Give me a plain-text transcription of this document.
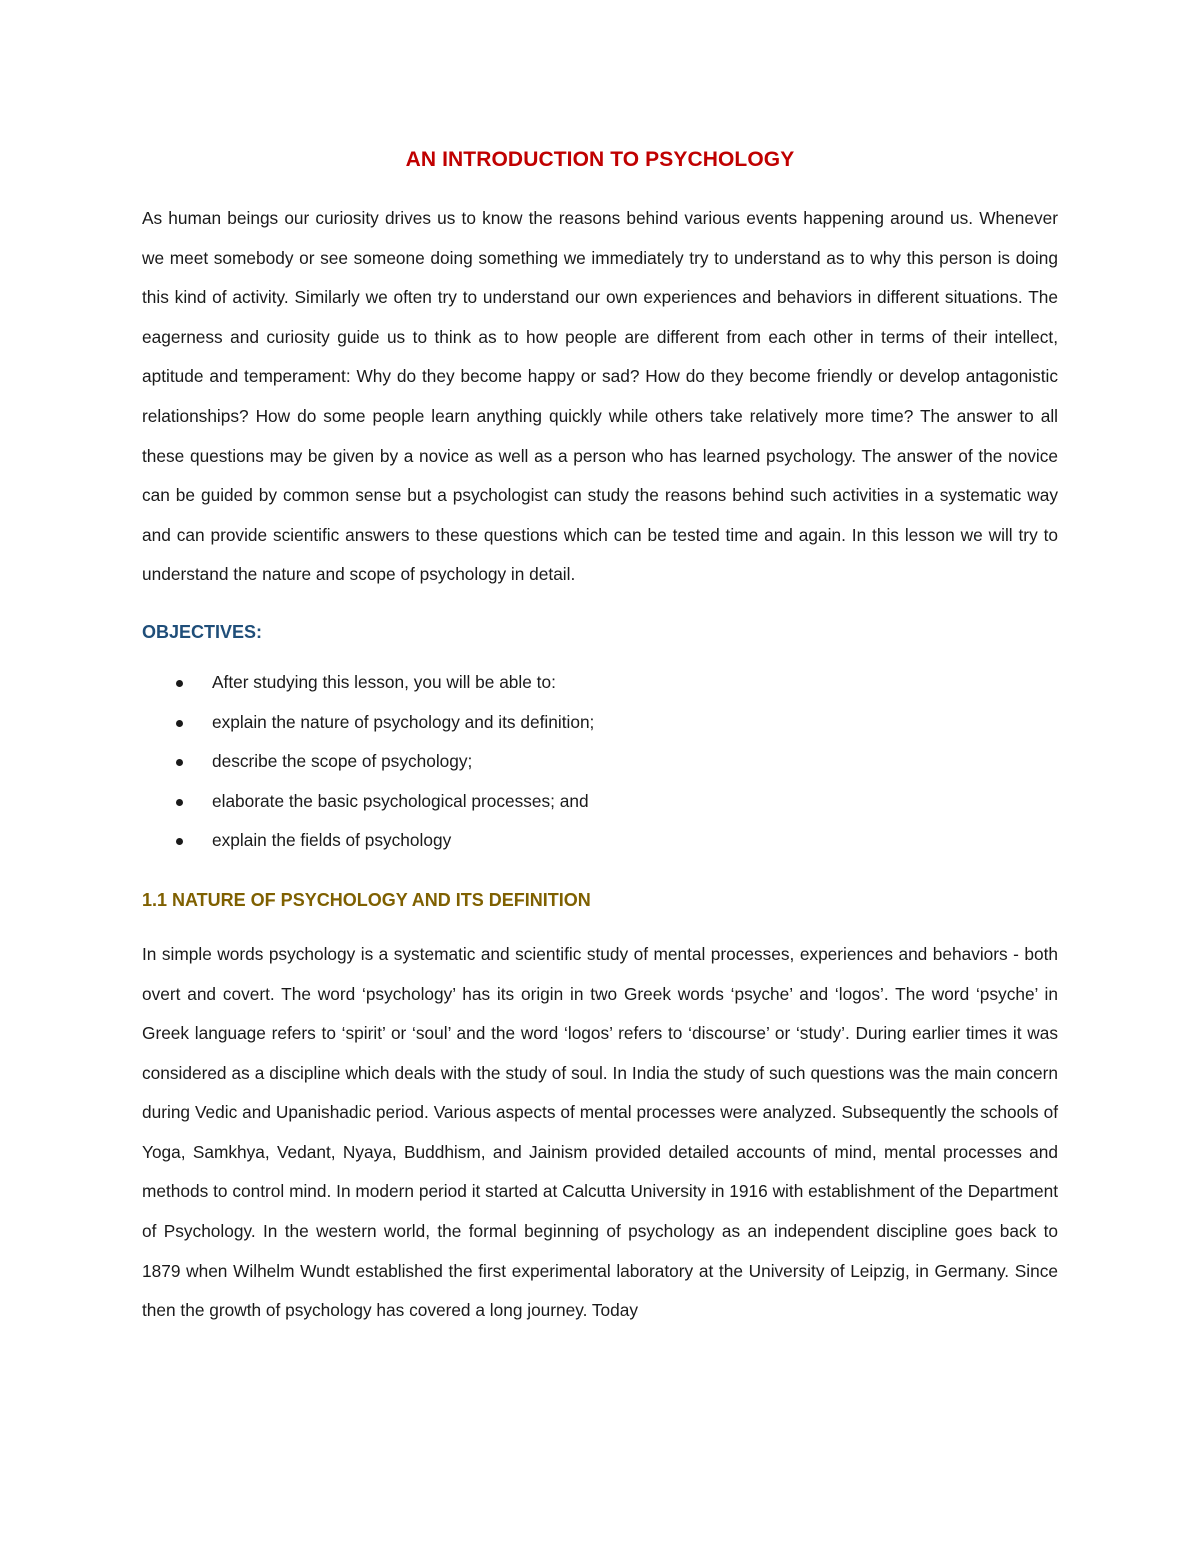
AN INTRODUCTION TO PSYCHOLOGY

As human beings our curiosity drives us to know the reasons behind various events happening around us. Whenever we meet somebody or see someone doing something we immediately try to understand as to why this person is doing this kind of activity. Similarly we often try to understand our own experiences and behaviors in different situations. The eagerness and curiosity guide us to think as to how people are different from each other in terms of their intellect, aptitude and temperament: Why do they become happy or sad? How do they become friendly or develop antagonistic relationships? How do some people learn anything quickly while others take relatively more time? The answer to all these questions may be given by a novice as well as a person who has learned psychology. The answer of the novice can be guided by common sense but a psychologist can study the reasons behind such activities in a systematic way and can provide scientific answers to these questions which can be tested time and again. In this lesson we will try to understand the nature and scope of psychology in detail.

OBJECTIVES:
After studying this lesson, you will be able to:
explain the nature of psychology and its definition;
describe the scope of psychology;
elaborate the basic psychological processes; and
explain the fields of psychology
1.1 NATURE OF PSYCHOLOGY AND ITS DEFINITION

In simple words psychology is a systematic and scientific study of mental processes, experiences and behaviors - both overt and covert. The word ‘psychology’ has its origin in two Greek words ‘psyche’ and ‘logos’. The word ‘psyche’ in Greek language refers to ‘spirit’ or ‘soul’ and the word ‘logos’ refers to ‘discourse’ or ‘study’. During earlier times it was considered as a discipline which deals with the study of soul. In India the study of such questions was the main concern during Vedic and Upanishadic period. Various aspects of mental processes were analyzed. Subsequently the schools of Yoga, Samkhya, Vedant, Nyaya, Buddhism, and Jainism provided detailed accounts of mind, mental processes and methods to control mind. In modern period it started at Calcutta University in 1916 with establishment of the Department of Psychology. In the western world, the formal beginning of psychology as an independent discipline goes back to 1879 when Wilhelm Wundt established the first experimental laboratory at the University of Leipzig, in Germany. Since then the growth of psychology has covered a long journey. Today
